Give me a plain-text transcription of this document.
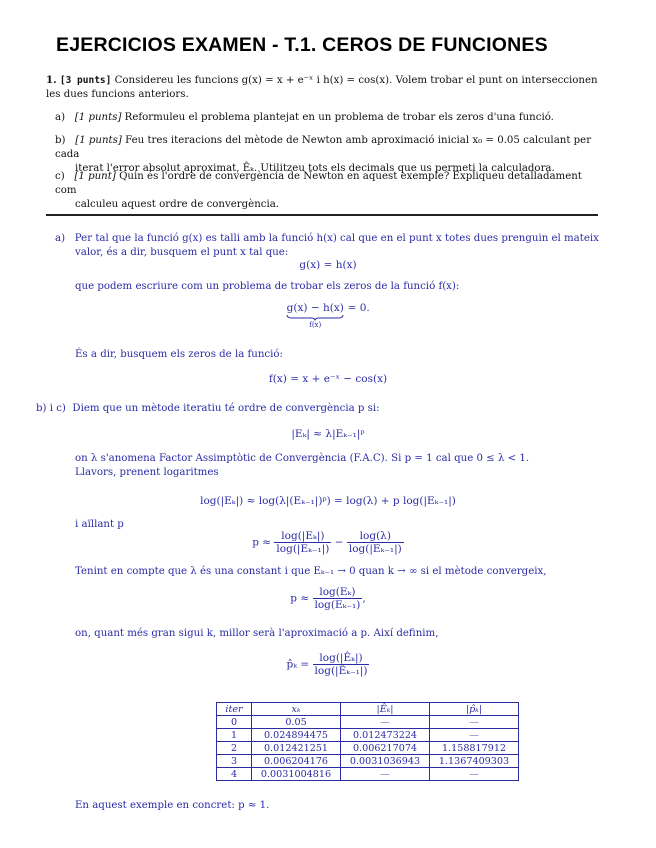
EJERCICIOS EXAMEN - T.1. CEROS DE FUNCIONES
1. [3 punts] Considereu les funcions g(x) = x + e⁻ˣ i h(x) = cos(x). Volem trobar el punt on interseccionen
les dues funcions anteriors.
a) [1 punts] Reformuleu el problema plantejat en un problema de trobar els zeros d'una funció.
b) [1 punts] Feu tres iteracions del mètode de Newton amb aproximació inicial x₀ = 0.05 calculant per cada
iterat l'error absolut aproximat, Êₖ. Utilitzeu tots els decimals que us permeti la calculadora.
c) [1 punt] Quin és l'ordre de convergència de Newton en aquest exemple? Expliqueu detalladament com
calculeu aquest ordre de convergència.
a) Per tal que la funció g(x) es talli amb la funció h(x) cal que en el punt x totes dues prenguin el mateix
valor, és a dir, busquem el punt x tal que:
g(x) = h(x)
que podem escriure com un problema de trobar els zeros de la funció f(x):
g(x) − h(x)
f(x)
= 0.
És a dir, busquem els zeros de la funció:
f(x) = x + e⁻ˣ − cos(x)
b) i c) Diem que un mètode iteratiu té ordre de convergència p si:
|Eₖ| ≈ λ|Eₖ₋₁|ᵖ
on λ s'anomena Factor Assimptòtic de Convergència (F.A.C). Si p = 1 cal que 0 ≤ λ < 1.
Llavors, prenent logaritmes
log(|Eₖ|) ≈ log(λ|(Eₖ₋₁|)ᵖ) = log(λ) + p log(|Eₖ₋₁|)
i aïllant p
$p \approx \frac{\text{log(|Eₖ|)}}{\text{log(|Eₖ₋₁|)}} - \frac{\log(\lambda)}{\text{log(|Eₖ₋₁|)}}$
Tenint en compte que λ és una constant i que Eₖ₋₁ → 0 quan k → ∞ si el mètode convergeix,
$p \approx \frac{\text{log(Eₖ)}}{\text{log(Eₖ₋₁)}}$ ,
on, quant més gran sigui k, millor serà l'aproximació a p. Així definim,
p̂ₖ = $\frac{\text{log(|Êₖ|)}}{\text{log(|Êₖ₋₁|)}}$
iter	xₖ	|Êₖ|	|p̂ₖ|
0	0.05	—	—
1	0.024894475	0.012473224	—
2	0.012421251	0.006217074	1.158817912
3	0.006204176	0.0031036943	1.1367409303
4	0.0031004816	—	—
En aquest exemple en concret: p ≈ 1.
